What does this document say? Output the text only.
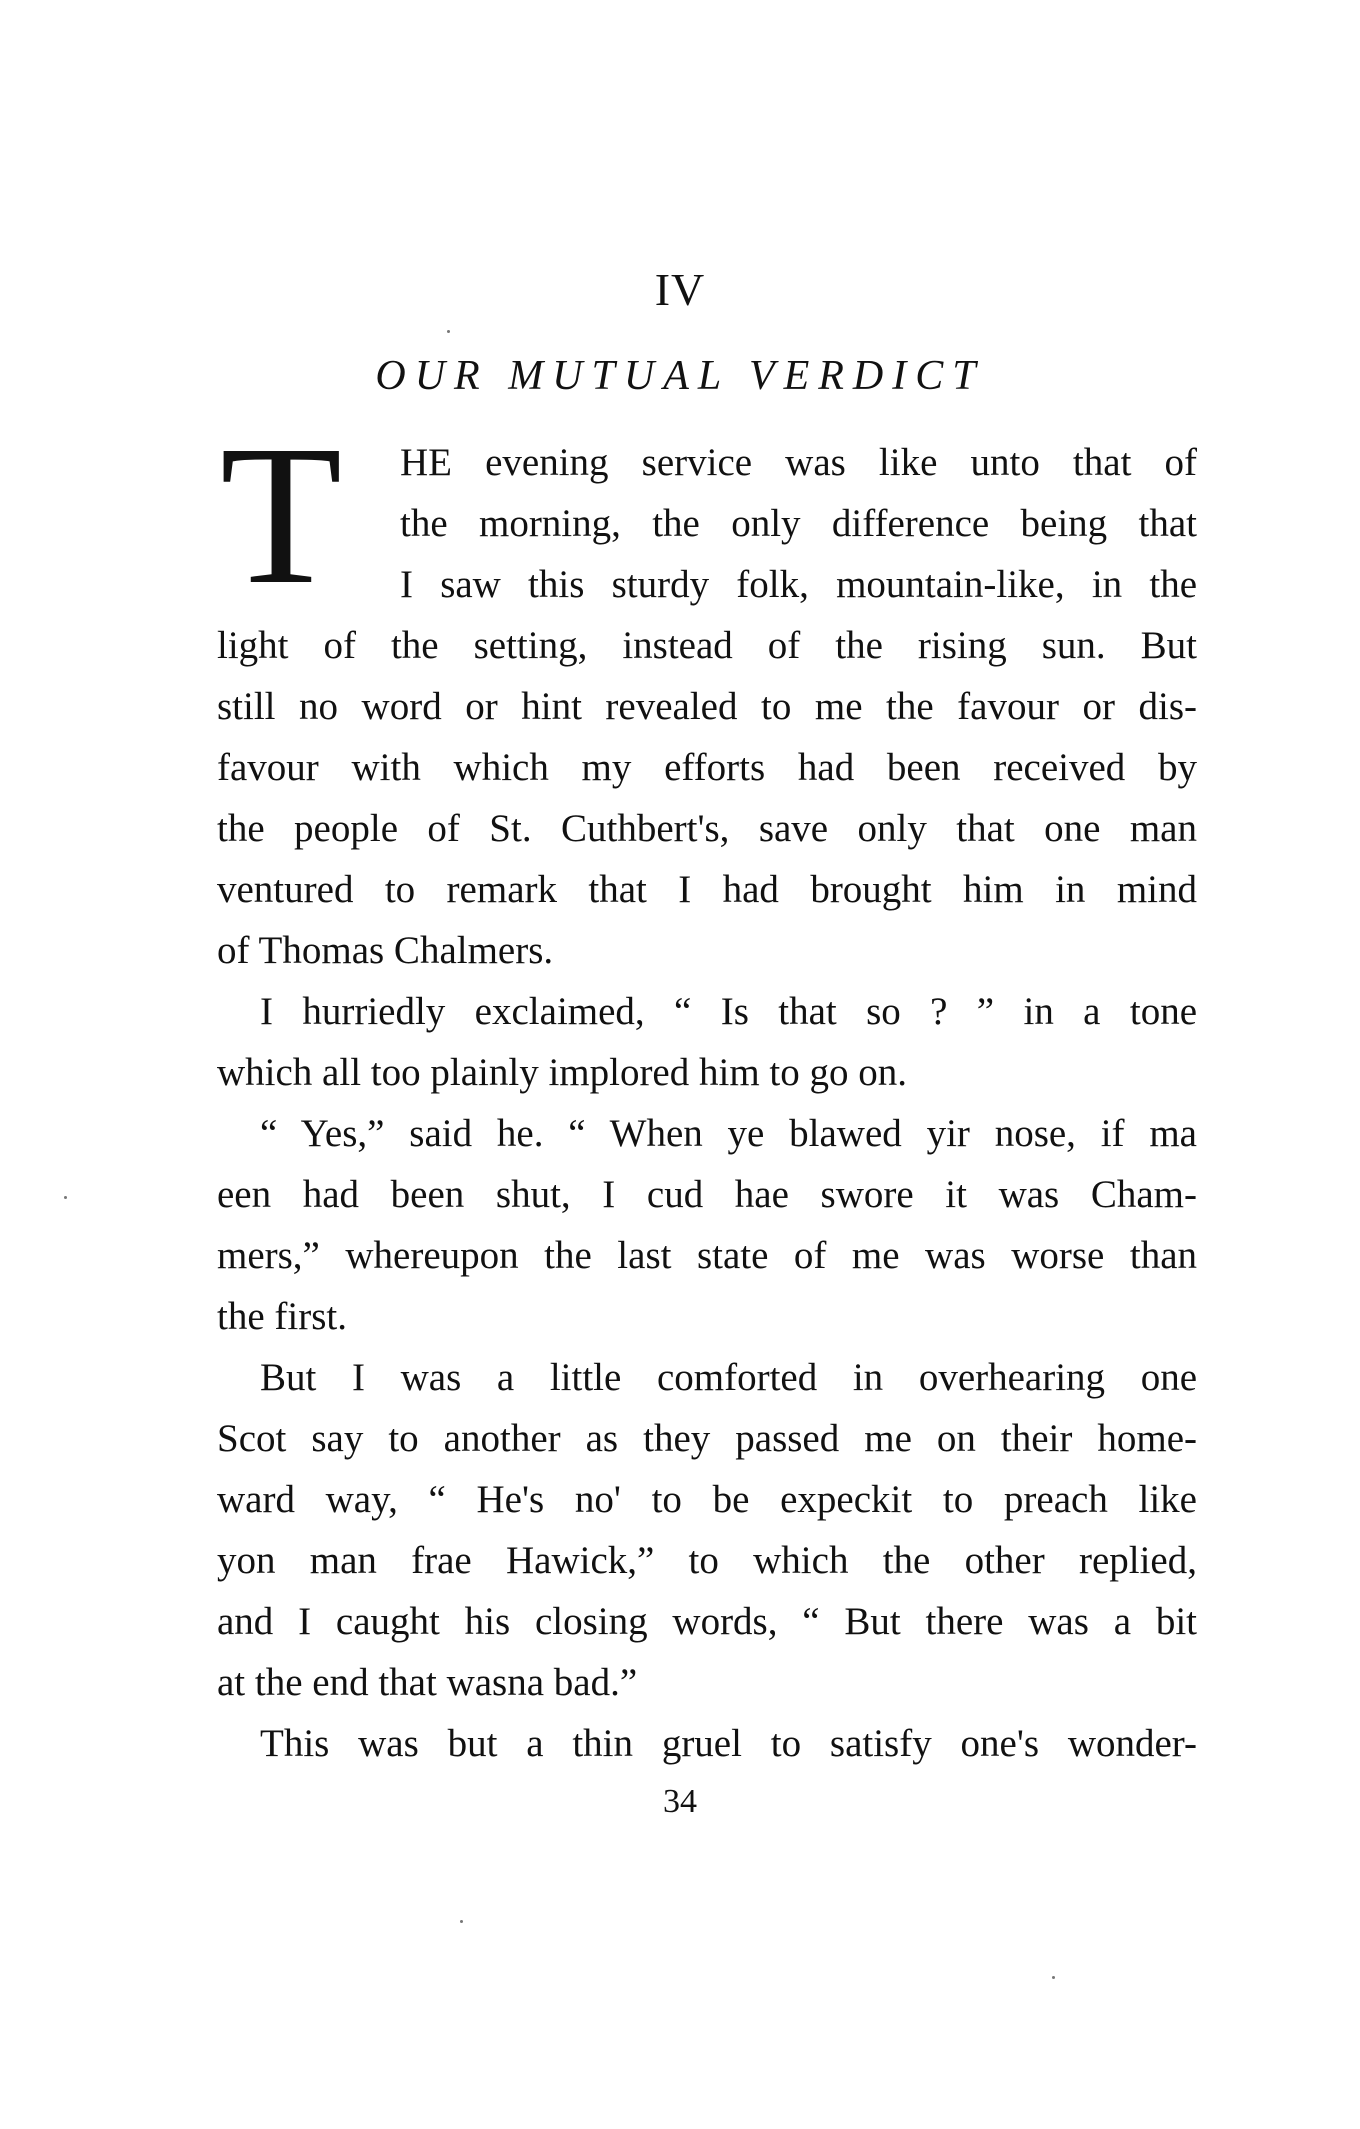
IV
OUR MUTUAL VERDICT
T HE evening service was like unto that of
the morning, the only difference being that
I saw this sturdy folk, mountain-like, in the
light of the setting, instead of the rising sun. But
still no word or hint revealed to me the favour or dis-
favour with which my efforts had been received by
the people of St. Cuthbert's, save only that one man
ventured to remark that I had brought him in mind
of Thomas Chalmers.
I hurriedly exclaimed, “ Is that so ? ” in a tone
which all too plainly implored him to go on.
“ Yes,” said he. “ When ye blawed yir nose, if ma
een had been shut, I cud hae swore it was Cham-
mers,” whereupon the last state of me was worse than
the first.
But I was a little comforted in overhearing one
Scot say to another as they passed me on their home-
ward way, “ He's no' to be expeckit to preach like
yon man frae Hawick,” to which the other replied,
and I caught his closing words, “ But there was a bit
at the end that wasna bad.”
This was but a thin gruel to satisfy one's wonder-
34
